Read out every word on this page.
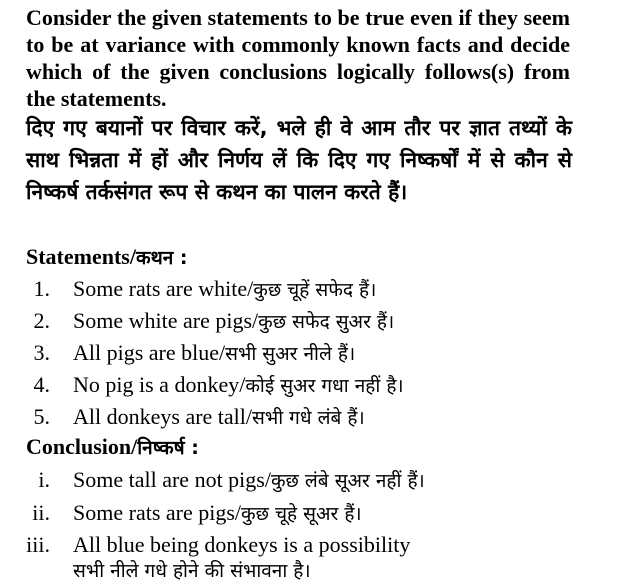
Consider the given statements to be true even if they seem to be at variance with commonly known facts and decide which of the given conclusions logically follows(s) from the statements.
दिए गए बयानों पर विचार करें, भले ही वे आम तौर पर ज्ञात तथ्यों के साथ भिन्नता में हों और निर्णय लें कि दिए गए निष्कर्षों में से कौन से निष्कर्ष तर्कसंगत रूप से कथन का पालन करते हैं।
Statements/कथन :
1. Some rats are white/कुछ चूहें सफेद हैं।
2. Some white are pigs/कुछ सफेद सुअर हैं।
3. All pigs are blue/सभी सुअर नीले हैं।
4. No pig is a donkey/कोई सुअर गधा नहीं है।
5. All donkeys are tall/सभी गधे लंबे हैं।
Conclusion/निष्कर्ष :
i. Some tall are not pigs/कुछ लंबे सूअर नहीं हैं।
ii. Some rats are pigs/कुछ चूहे सूअर हैं।
iii. All blue being donkeys is a possibility
सभी नीले गधे होने की संभावना है।
